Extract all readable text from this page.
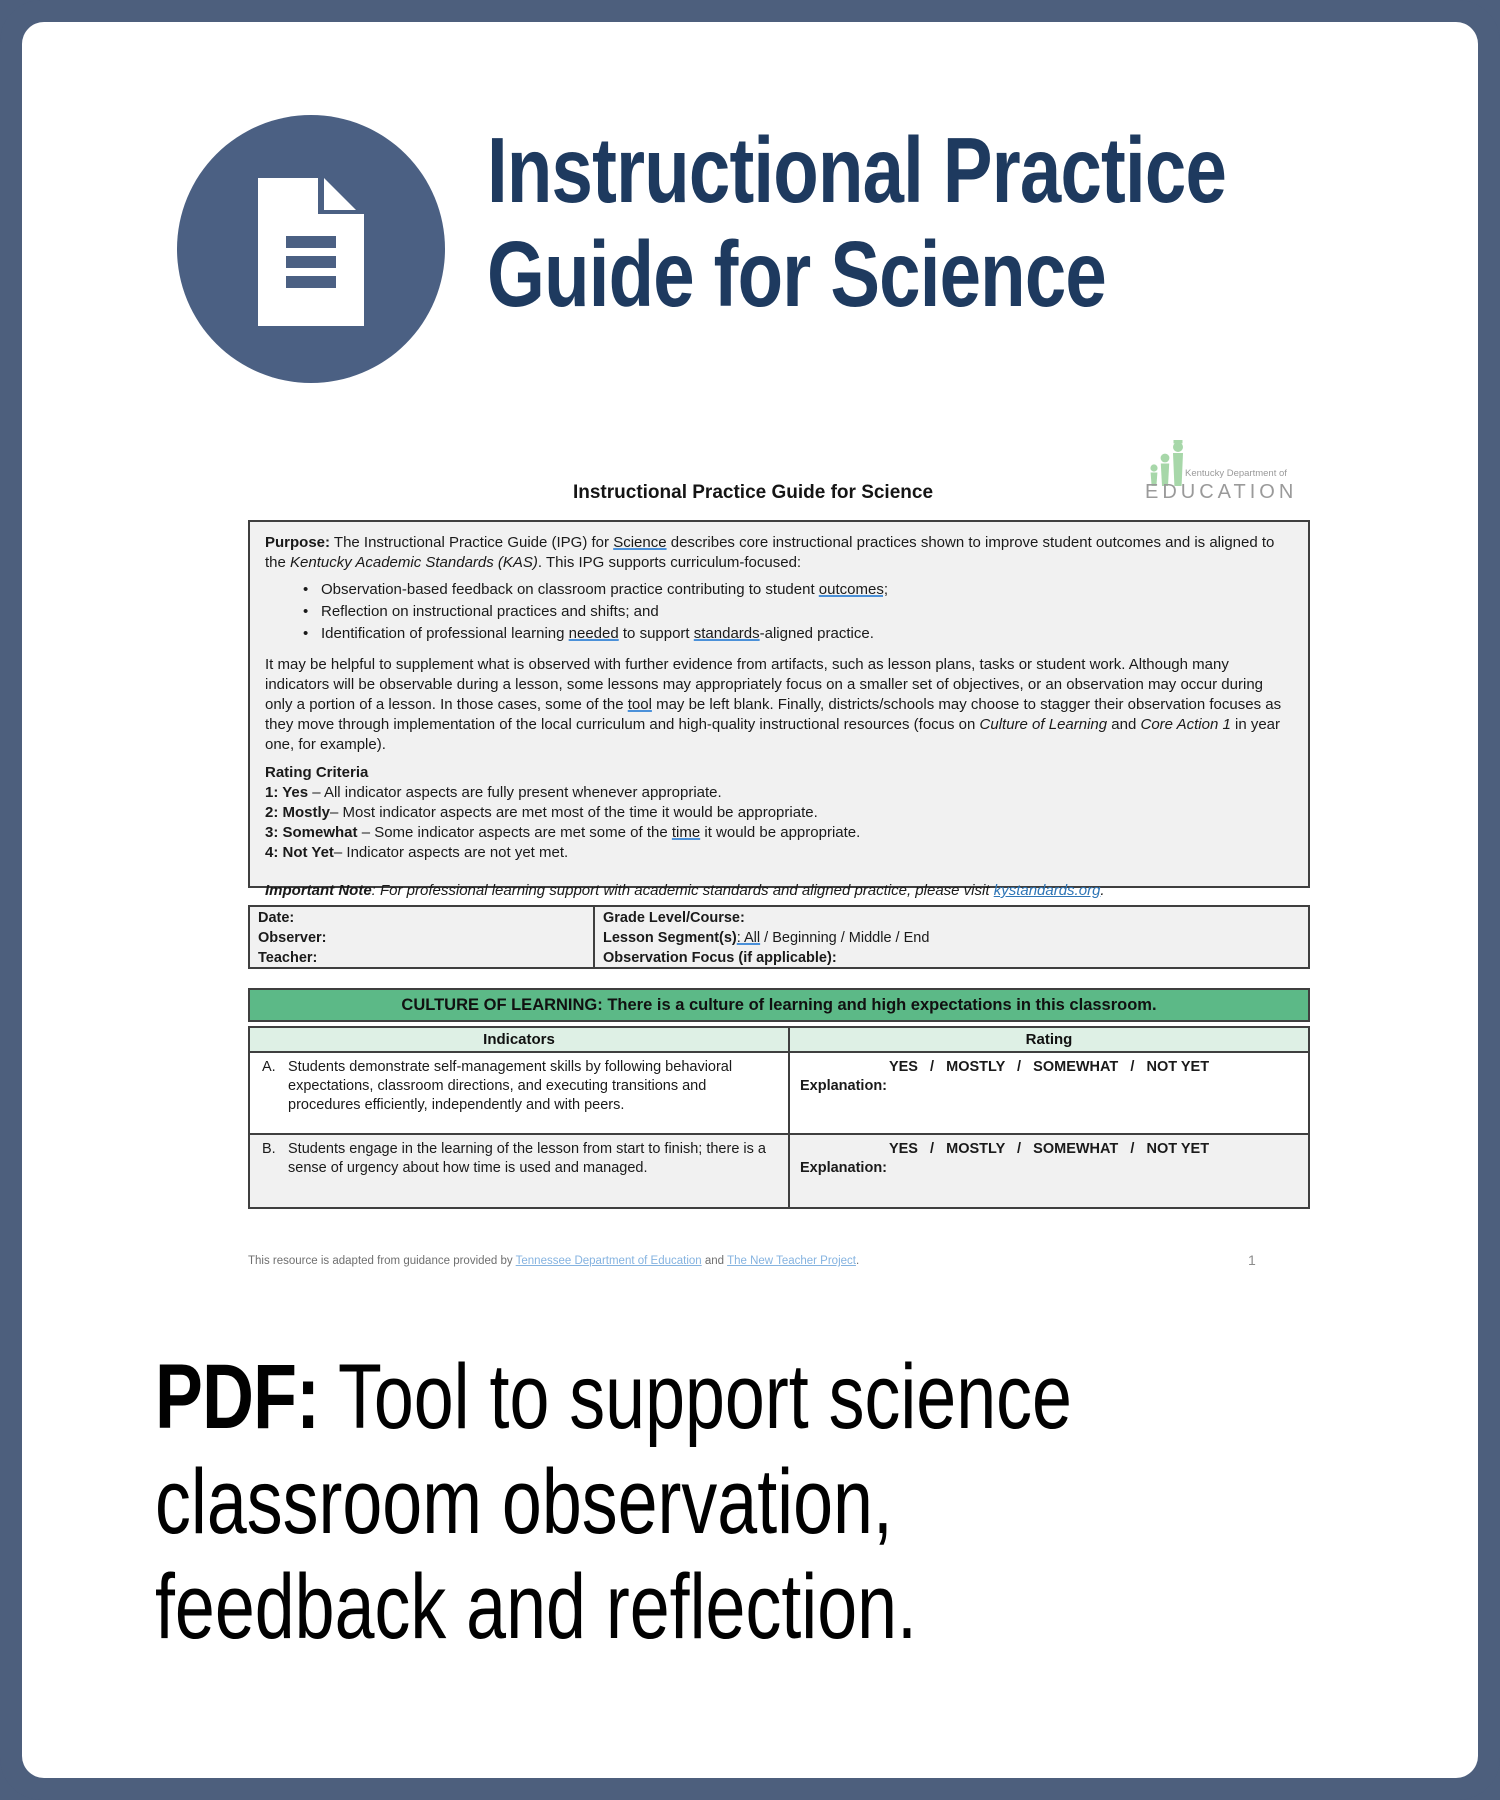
Instructional Practice
Guide for Science
Kentucky Department of
EDUCATION
Instructional Practice Guide for Science
Purpose: The Instructional Practice Guide (IPG) for Science describes core instructional practices shown to improve student outcomes and is aligned to the Kentucky Academic Standards (KAS). This IPG supports curriculum-focused:
• Observation-based feedback on classroom practice contributing to student outcomes;
• Reflection on instructional practices and shifts; and
• Identification of professional learning needed to support standards-aligned practice.
It may be helpful to supplement what is observed with further evidence from artifacts, such as lesson plans, tasks or student work. Although many indicators will be observable during a lesson, some lessons may appropriately focus on a smaller set of objectives, or an observation may occur during only a portion of a lesson. In those cases, some of the tool may be left blank. Finally, districts/schools may choose to stagger their observation focuses as they move through implementation of the local curriculum and high-quality instructional resources (focus on Culture of Learning and Core Action 1 in year one, for example).
Rating Criteria
1: Yes – All indicator aspects are fully present whenever appropriate.
2: Mostly– Most indicator aspects are met most of the time it would be appropriate.
3: Somewhat – Some indicator aspects are met some of the time it would be appropriate.
4: Not Yet– Indicator aspects are not yet met.
Important Note: For professional learning support with academic standards and aligned practice, please visit kystandards.org.
Date:
Observer:
Teacher:
Grade Level/Course:
Lesson Segment(s): All / Beginning / Middle / End
Observation Focus (if applicable):
CULTURE OF LEARNING: There is a culture of learning and high expectations in this classroom.
Indicators	Rating
A. Students demonstrate self-management skills by following behavioral expectations, classroom directions, and executing transitions and procedures efficiently, independently and with peers.
YES   /   MOSTLY   /   SOMEWHAT   /   NOT YET
Explanation:
B. Students engage in the learning of the lesson from start to finish; there is a sense of urgency about how time is used and managed.
YES   /   MOSTLY   /   SOMEWHAT   /   NOT YET
Explanation:
This resource is adapted from guidance provided by Tennessee Department of Education and The New Teacher Project.	1
PDF: Tool to support science
classroom observation,
feedback and reflection.
